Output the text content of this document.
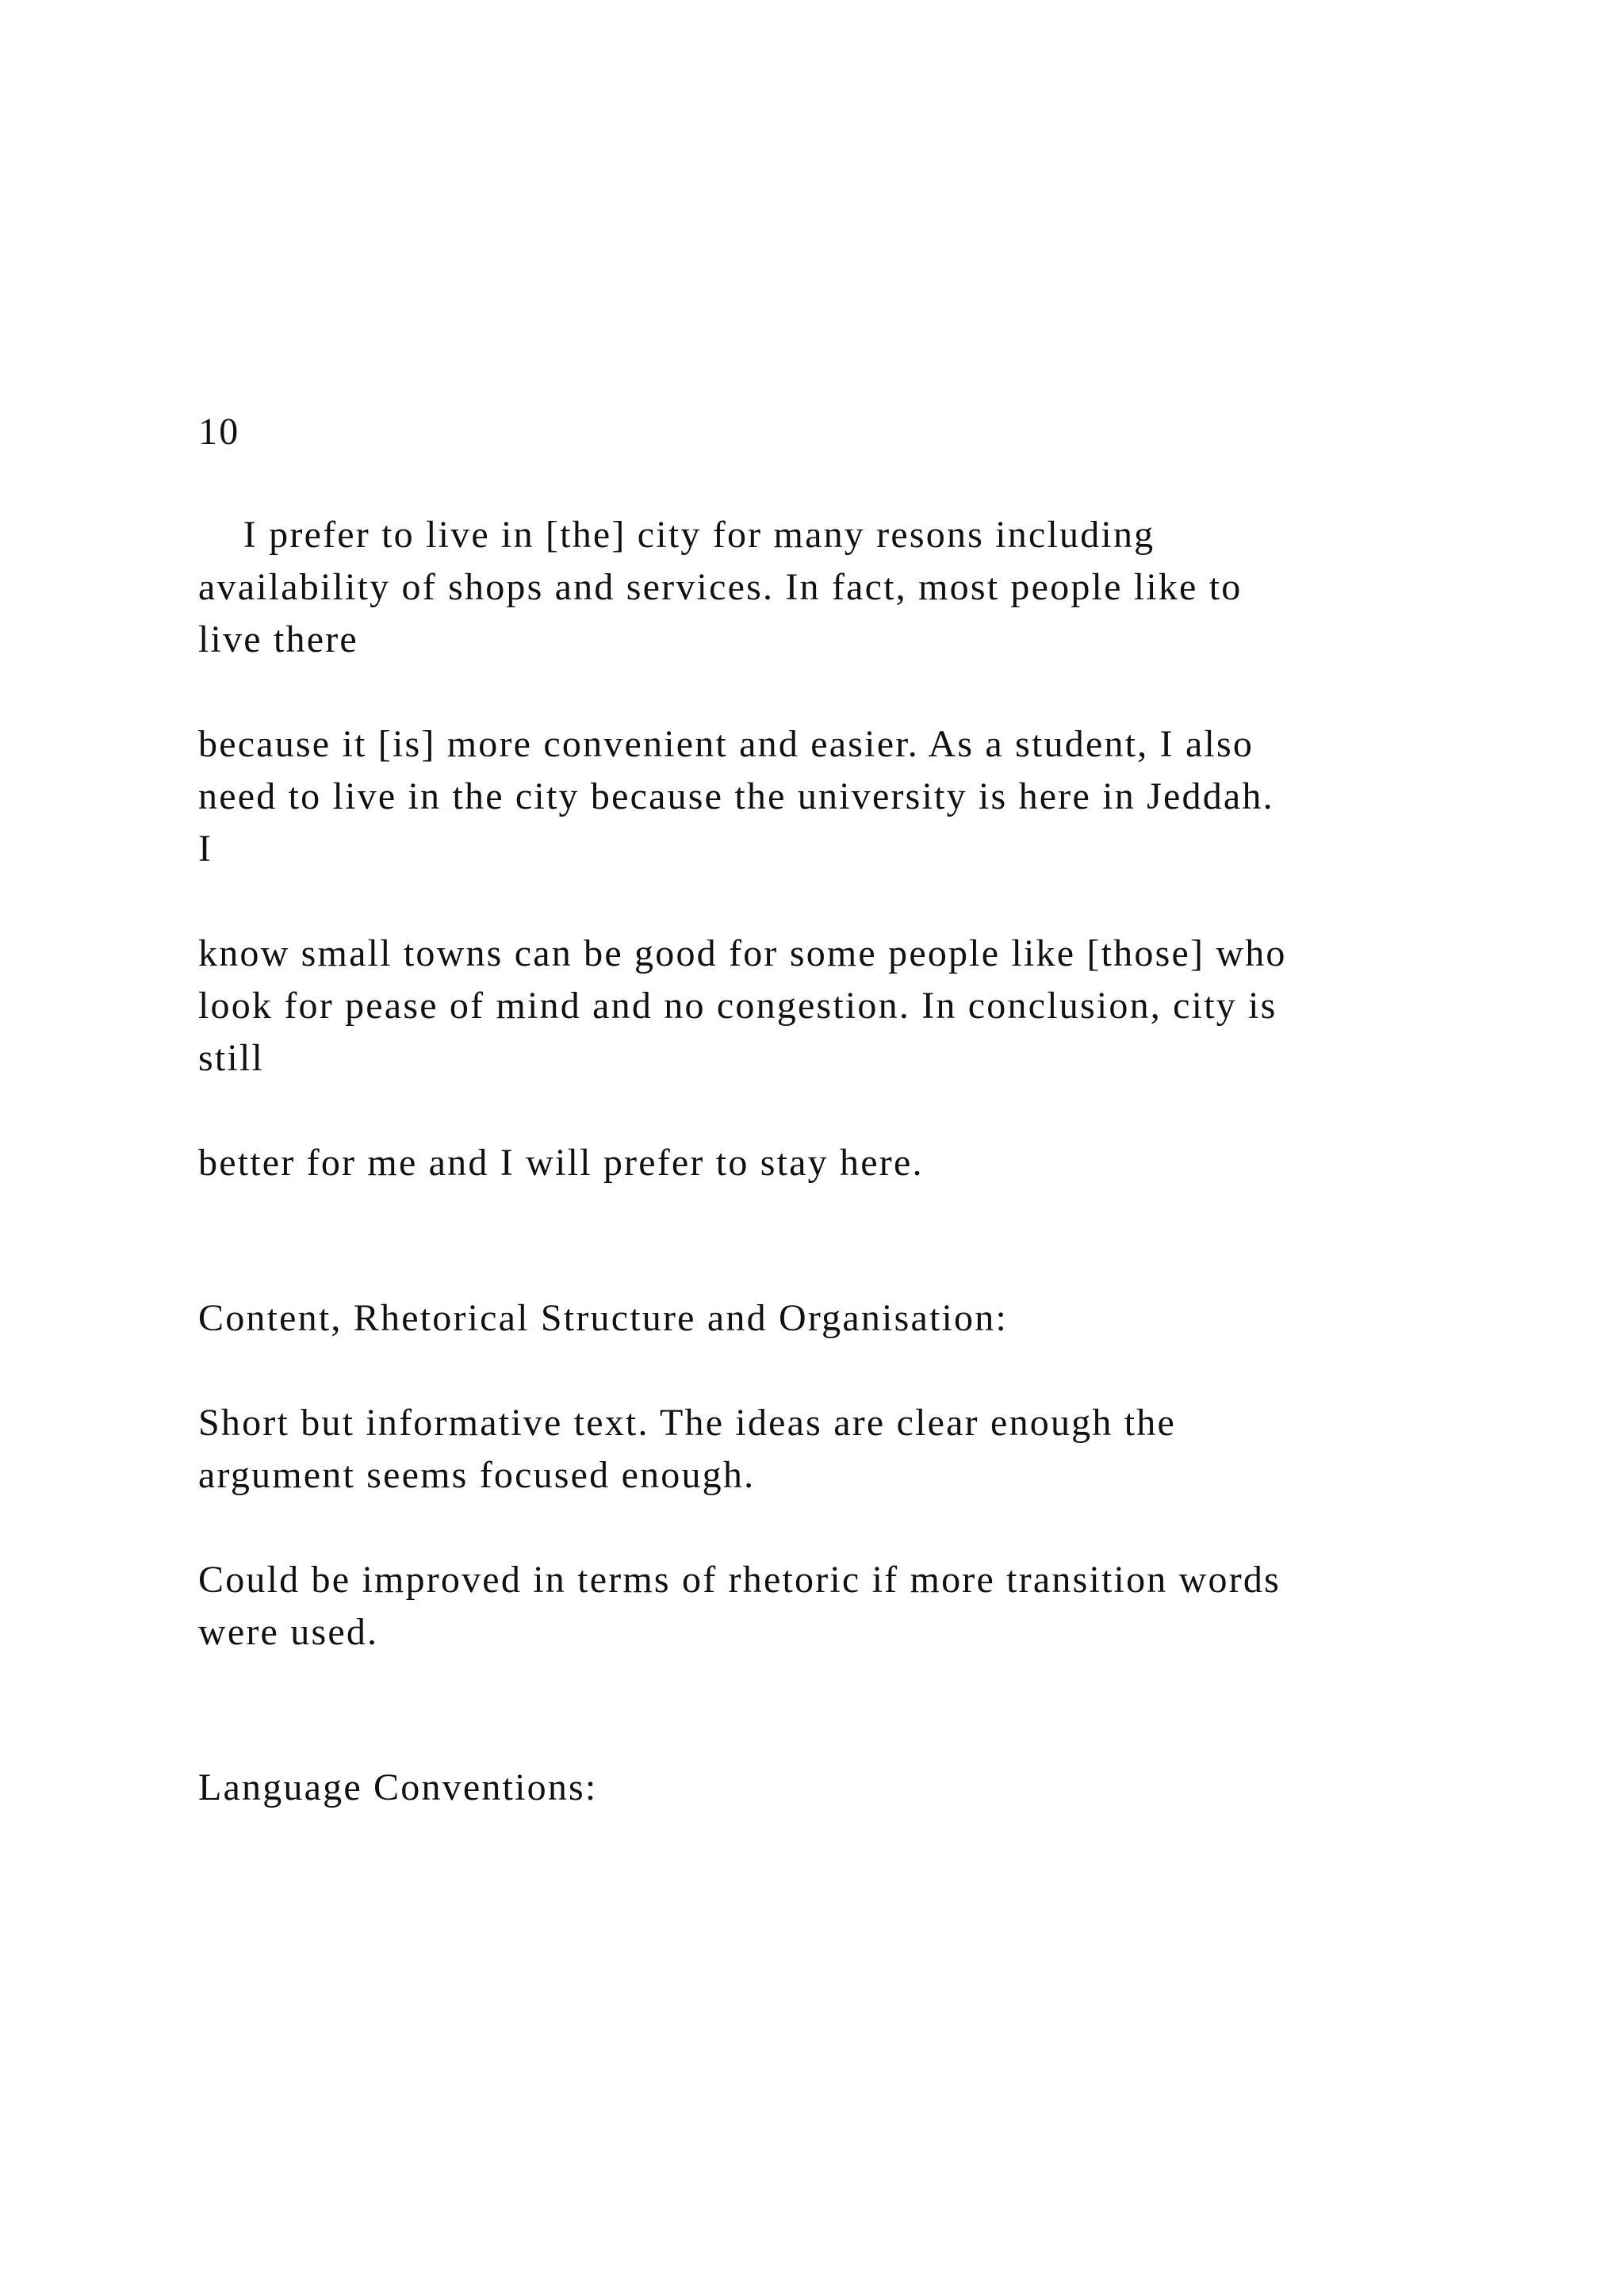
10

I prefer to live in [the] city for many resons including

availability of shops and services. In fact, most people like to

live there

because it [is] more convenient and easier. As a student, I also

need to live in the city because the university is here in Jeddah.

I

know small towns can be good for some people like [those] who

look for pease of mind and no congestion. In conclusion, city is

still

better for me and I will prefer to stay here.

Content, Rhetorical Structure and Organisation:

Short but informative text. The ideas are clear enough the

argument seems focused enough.

Could be improved in terms of rhetoric if more transition words

were used.

Language Conventions:
